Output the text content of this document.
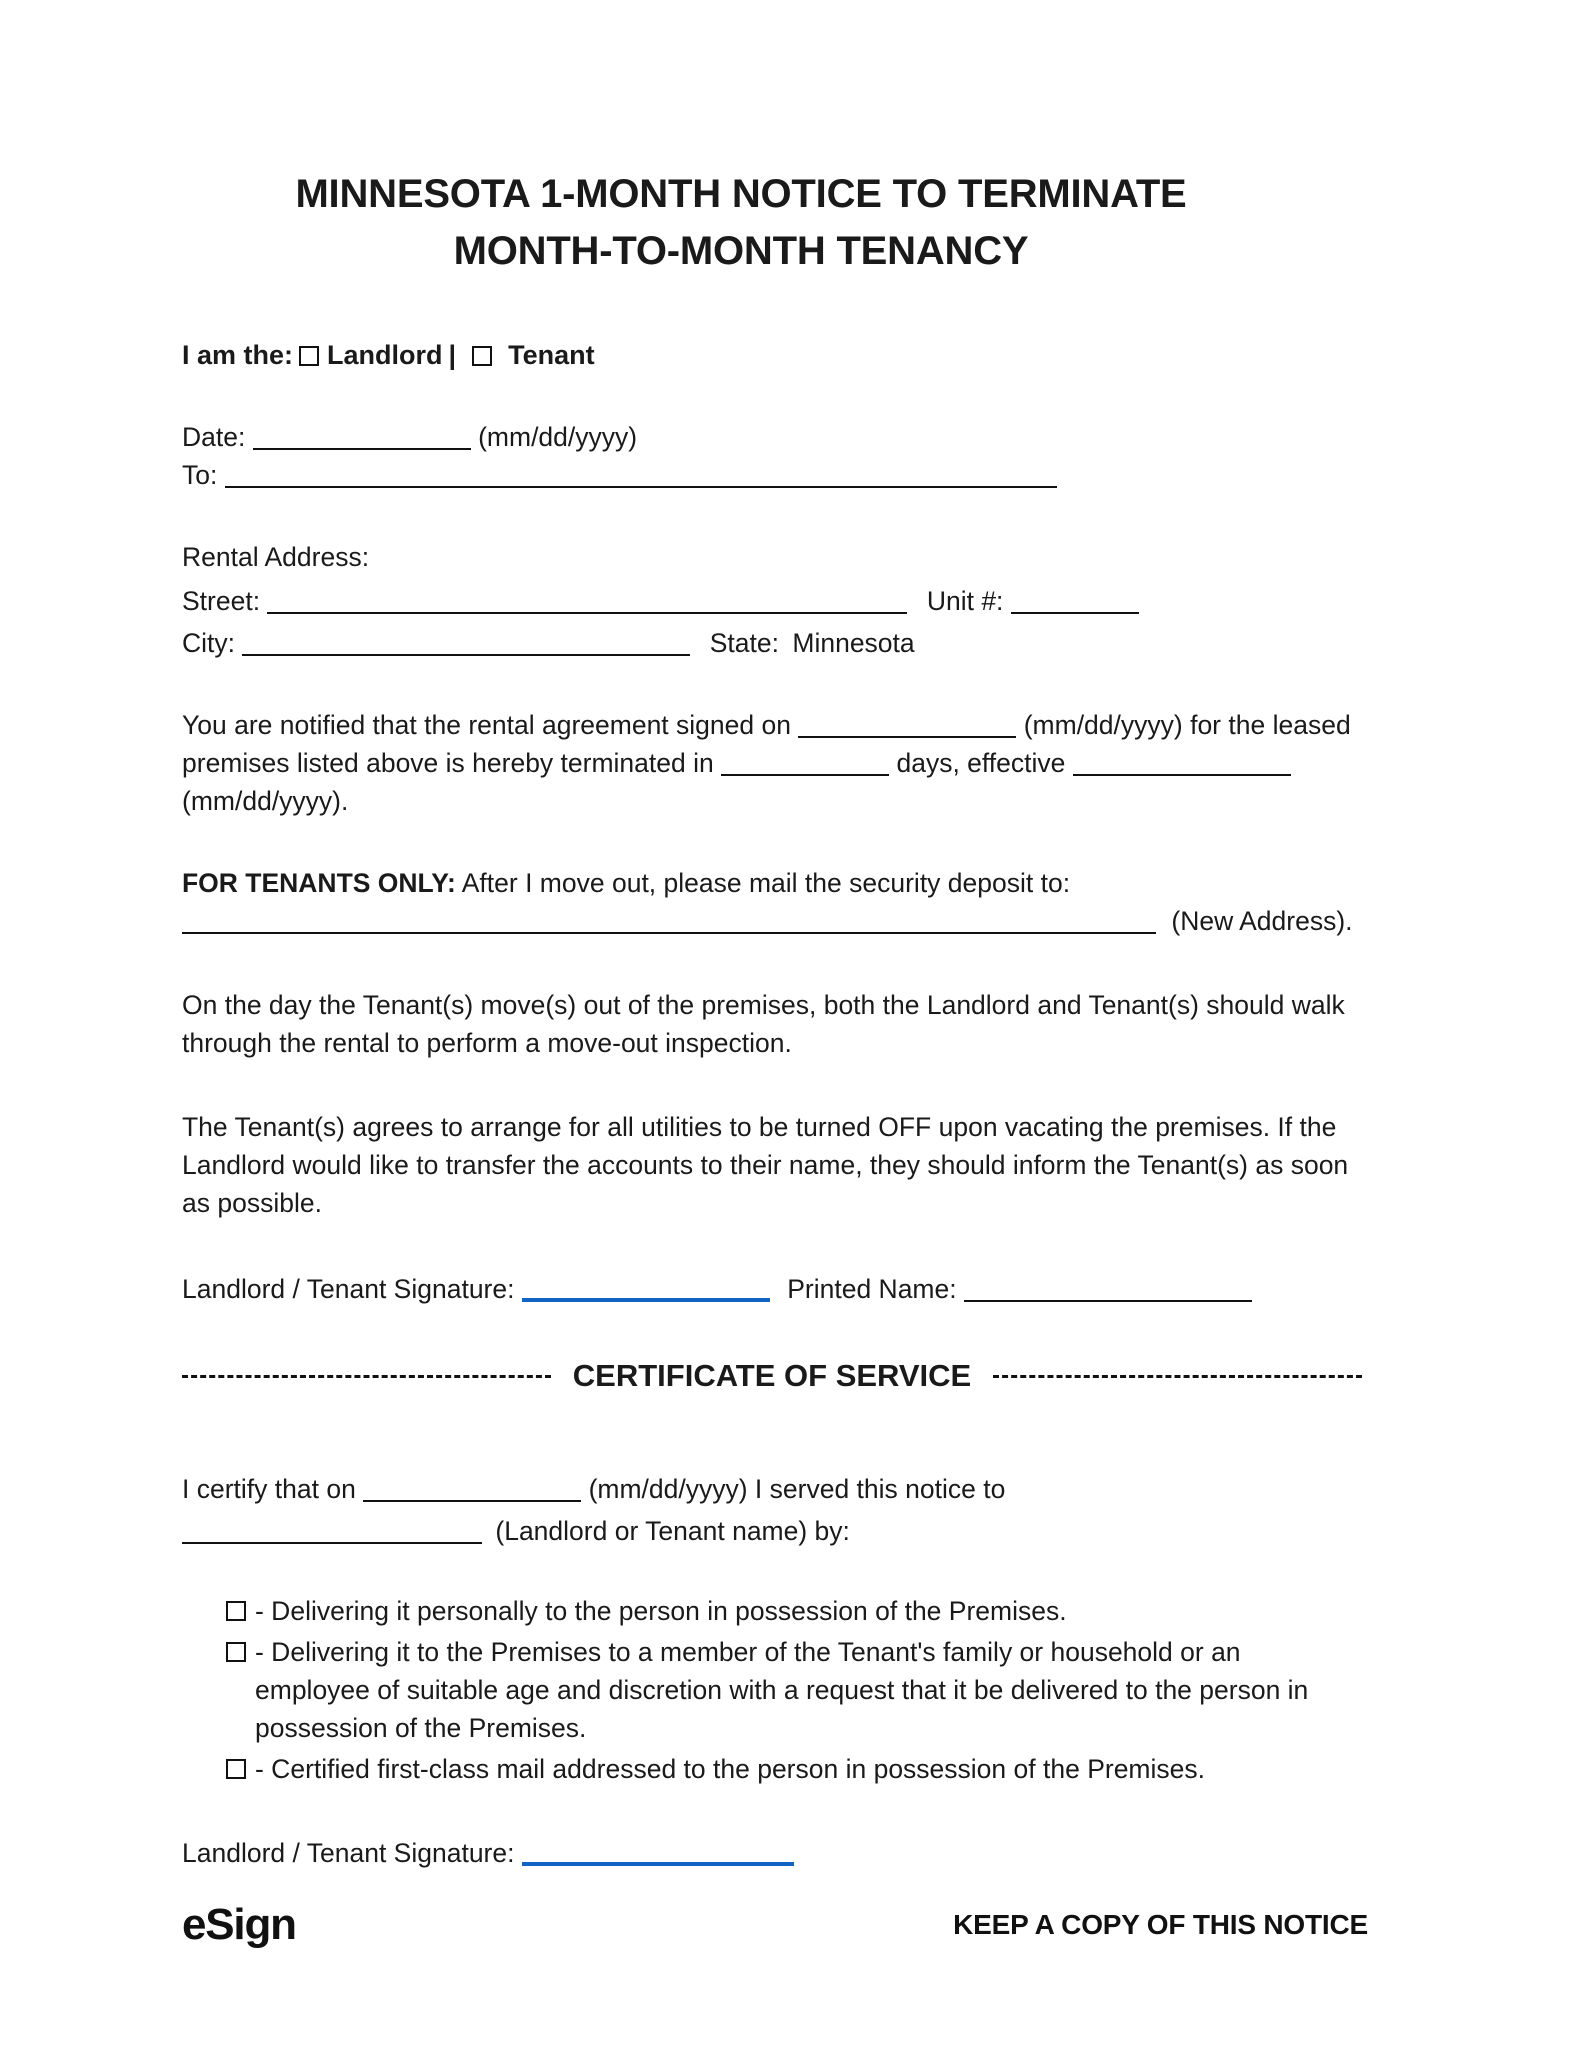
MINNESOTA 1-MONTH NOTICE TO TERMINATE
MONTH-TO-MONTH TENANCY
I am the: Landlord | Tenant
Date:	(mm/dd/yyyy)
To:
Rental Address:
Street:	Unit #:
City:	State: Minnesota
You are notified that the rental agreement signed on	(mm/dd/yyyy) for the leased premises listed above is hereby terminated in	days, effective  (mm/dd/yyyy).
FOR TENANTS ONLY: After I move out, please mail the security deposit to:
(New Address).
On the day the Tenant(s) move(s) out of the premises, both the Landlord and Tenant(s) should walk through the rental to perform a move-out inspection.
The Tenant(s) agrees to arrange for all utilities to be turned OFF upon vacating the premises. If the Landlord would like to transfer the accounts to their name, they should inform the Tenant(s) as soon as possible.
Landlord / Tenant Signature:	Printed Name:
CERTIFICATE OF SERVICE
I certify that on	(mm/dd/yyyy) I served this notice to
(Landlord or Tenant name) by:
- Delivering it personally to the person in possession of the Premises.
- Delivering it to the Premises to a member of the Tenant's family or household or an employee of suitable age and discretion with a request that it be delivered to the person in possession of the Premises.
- Certified first-class mail addressed to the person in possession of the Premises.
Landlord / Tenant Signature:
eSign	KEEP A COPY OF THIS NOTICE
